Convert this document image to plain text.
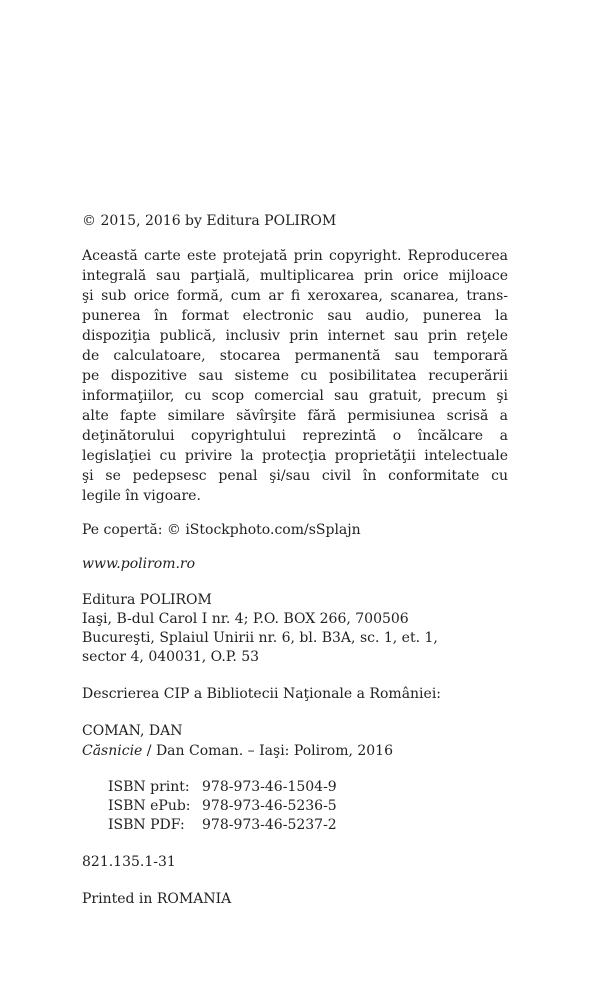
© 2015, 2016 by Editura POLIROM
Această carte este protejată prin copyright. Reproducerea
integrală sau parţială, multiplicarea prin orice mijloace
şi sub orice formă, cum ar fi xeroxarea, scanarea, trans-
punerea în format electronic sau audio, punerea la
dispoziţia publică, inclusiv prin internet sau prin reţele
de calculatoare, stocarea permanentă sau temporară
pe dispozitive sau sisteme cu posibilitatea recuperării
informaţiilor, cu scop comercial sau gratuit, precum şi
alte fapte similare săvîrşite fără permisiunea scrisă a
deţinătorului copyrightului reprezintă o încălcare a
legislaţiei cu privire la protecţia proprietăţii intelectuale
şi se pedepsesc penal şi/sau civil în conformitate cu
legile în vigoare.
Pe copertă: © iStockphoto.com/sSplajn
www.polirom.ro
Editura POLIROM
Iaşi, B-dul Carol I nr. 4; P.O. BOX 266, 700506
Bucureşti, Splaiul Unirii nr. 6, bl. B3A, sc. 1, et. 1,
sector 4, 040031, O.P. 53
Descrierea CIP a Bibliotecii Naţionale a României:
COMAN, DAN
Căsnicie / Dan Coman. – Iaşi: Polirom, 2016
ISBN print: 978-973-46-1504-9
ISBN ePub: 978-973-46-5236-5
ISBN PDF:	978-973-46-5237-2
821.135.1-31
Printed in ROMANIA
